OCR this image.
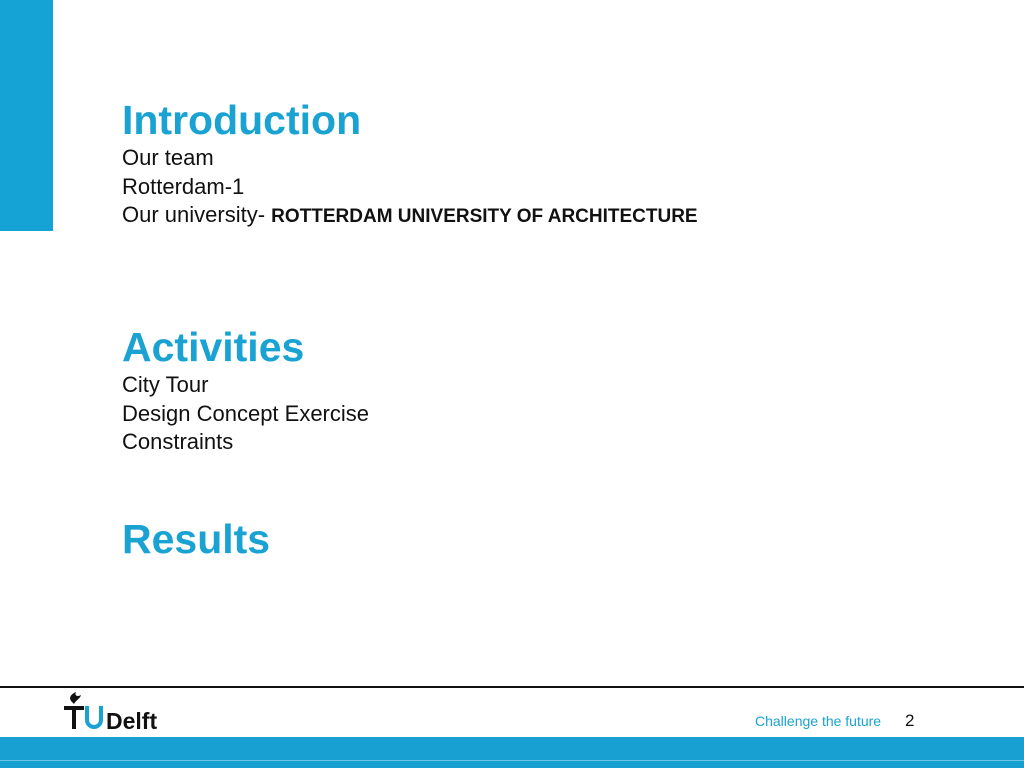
Introduction

Our team

Rotterdam-1

Our university- ROTTERDAM UNIVERSITY OF ARCHITECTURE

Activities

City Tour

Design Concept Exercise

Constraints

Results
Delft	Challenge the future 2
